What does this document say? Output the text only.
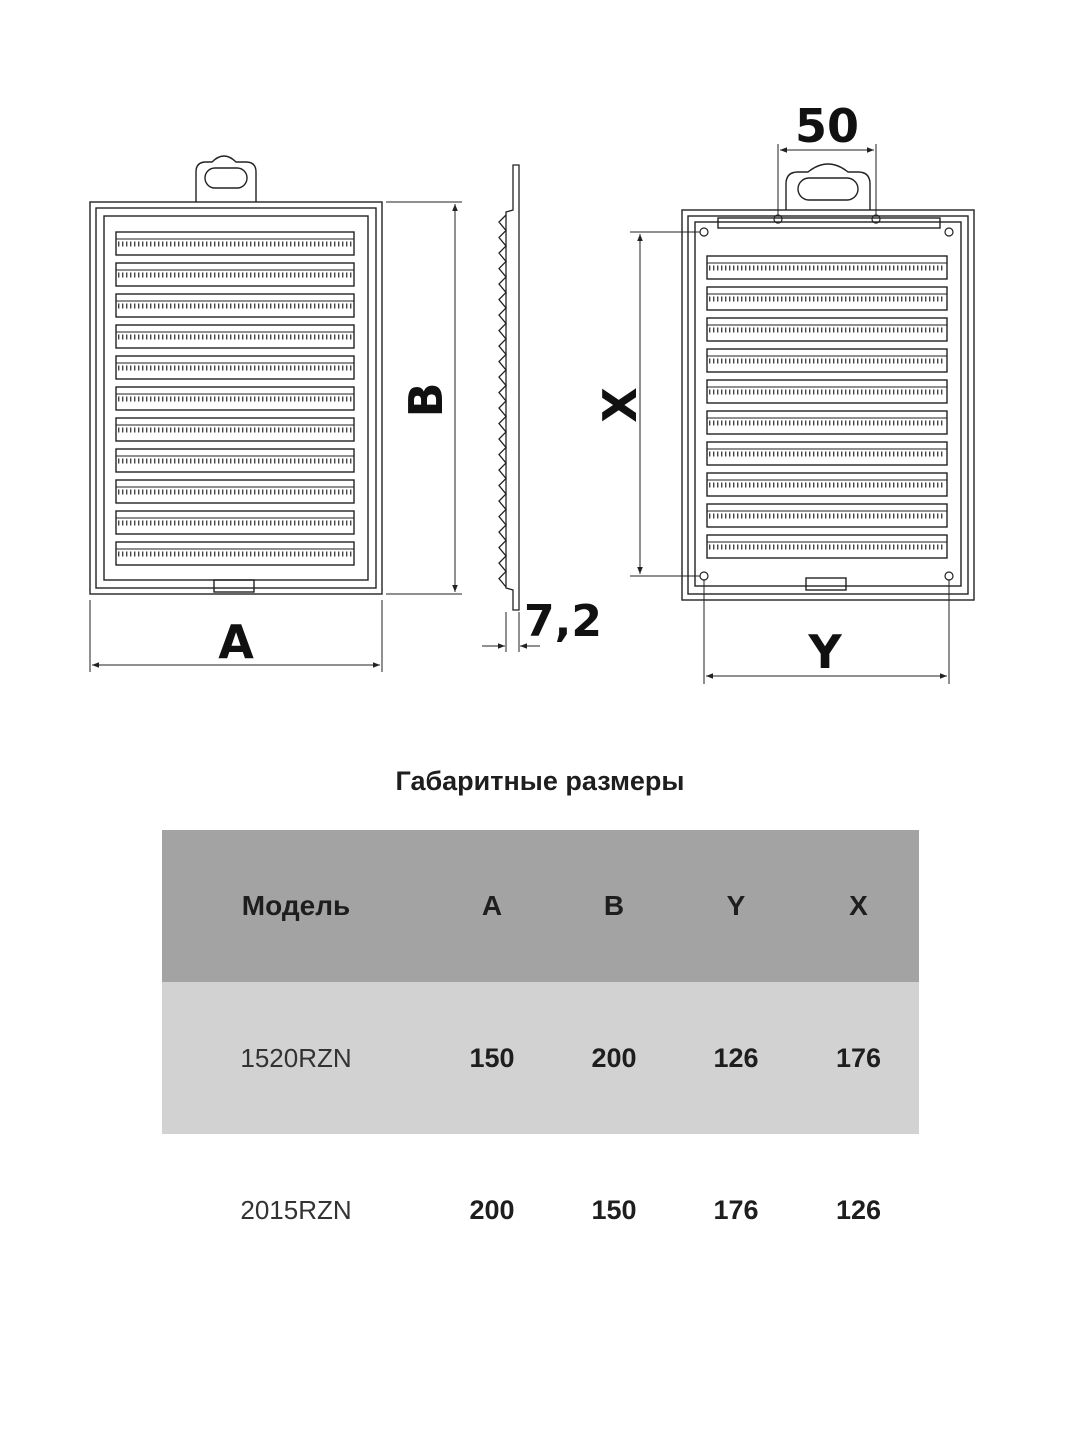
A
B
7,2
50
X
Y
Габаритные размеры
Модель	A	B	Y	X
1520RZN	150	200	126	176
2015RZN	200	150	176	126
